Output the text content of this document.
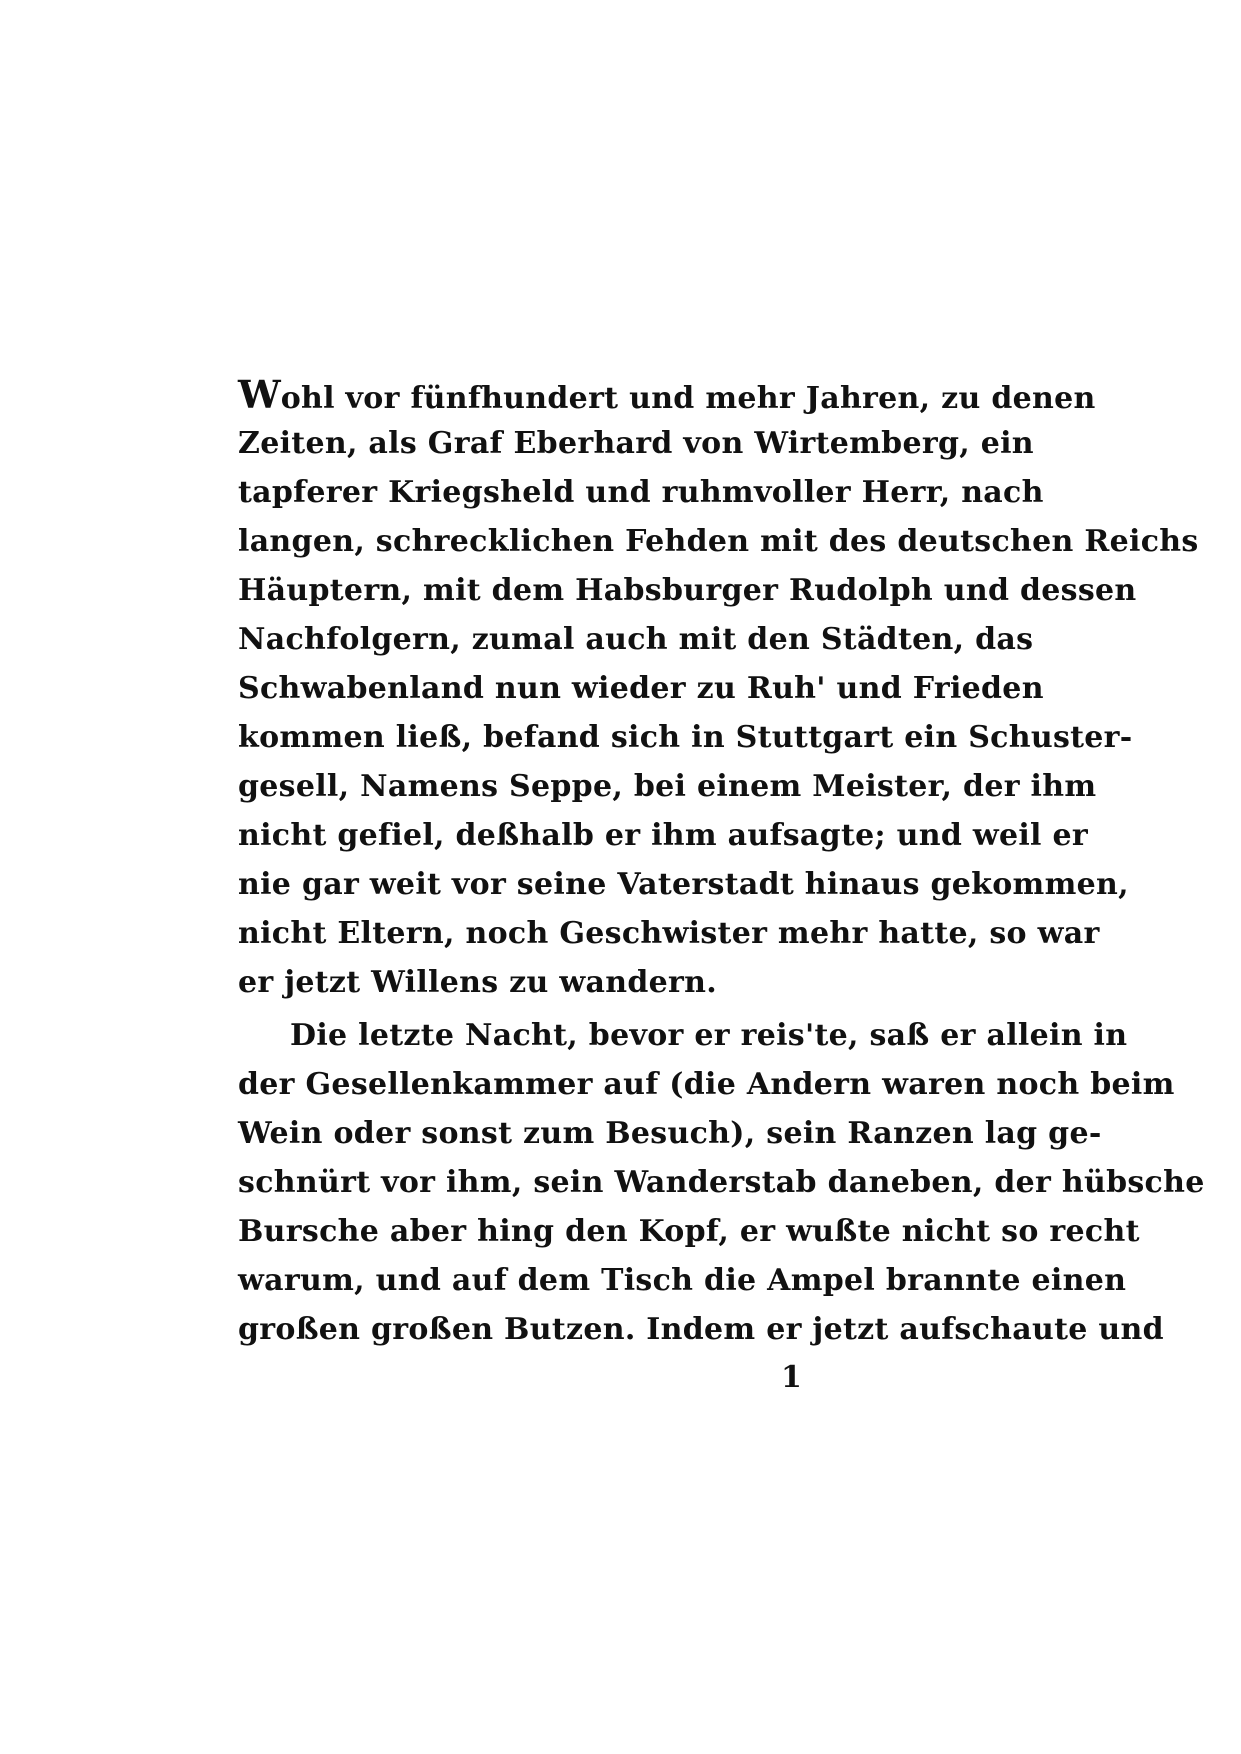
Wohl vor fünfhundert und mehr Jahren, zu denen
Zeiten, als Graf Eberhard von Wirtemberg, ein
tapferer Kriegsheld und ruhmvoller Herr, nach
langen, schrecklichen Fehden mit des deutschen Reichs
Häuptern, mit dem Habsburger Rudolph und dessen
Nachfolgern, zumal auch mit den Städten, das
Schwabenland nun wieder zu Ruh' und Frieden
kommen ließ, befand sich in Stuttgart ein Schuster-
gesell, Namens Seppe, bei einem Meister, der ihm
nicht gefiel, deßhalb er ihm aufsagte; und weil er
nie gar weit vor seine Vaterstadt hinaus gekommen,
nicht Eltern, noch Geschwister mehr hatte, so war
er jetzt Willens zu wandern.
Die letzte Nacht, bevor er reis'te, saß er allein in
der Gesellenkammer auf (die Andern waren noch beim
Wein oder sonst zum Besuch), sein Ranzen lag ge-
schnürt vor ihm, sein Wanderstab daneben, der hübsche
Bursche aber hing den Kopf, er wußte nicht so recht
warum, und auf dem Tisch die Ampel brannte einen
großen großen Butzen. Indem er jetzt aufschaute und
1
